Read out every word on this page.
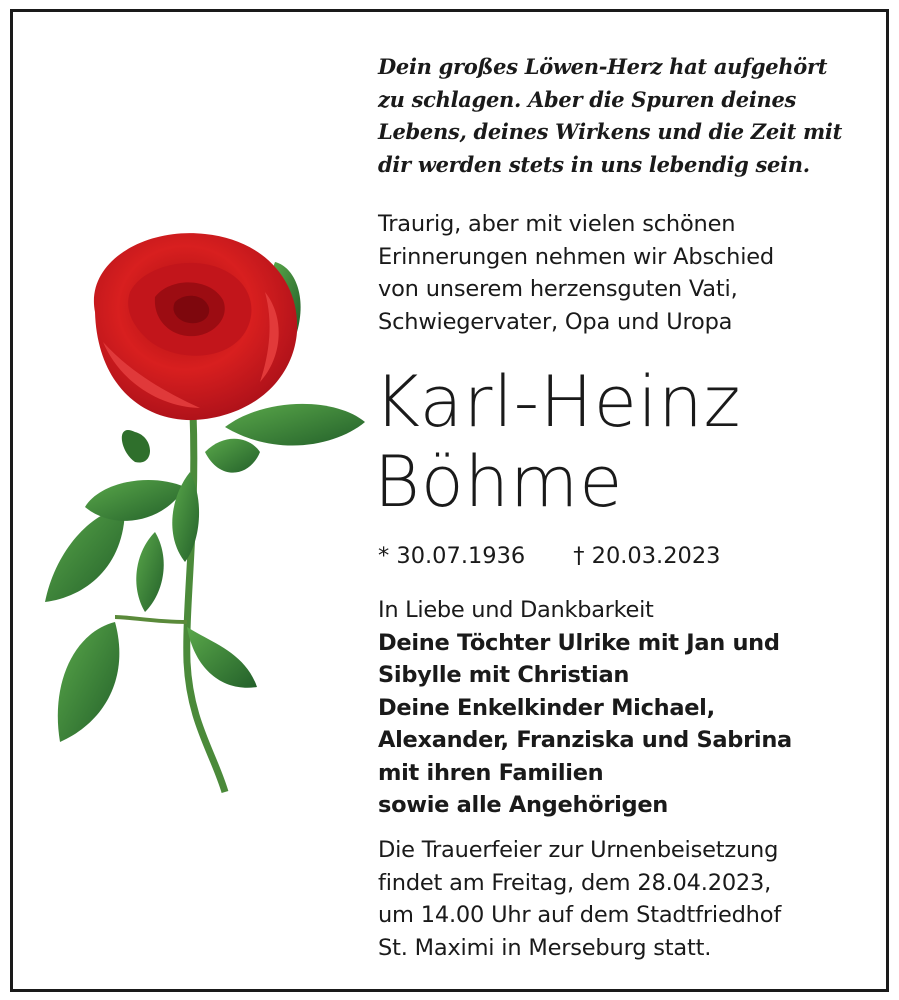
Dein großes Löwen-Herz hat aufgehört
zu schlagen. Aber die Spuren deines
Lebens, deines Wirkens und die Zeit mit
dir werden stets in uns lebendig sein.
Traurig, aber mit vielen schönen
Erinnerungen nehmen wir Abschied
von unserem herzensguten Vati,
Schwiegervater, Opa und Uropa
Karl-Heinz
Böhme
* 30.07.1936 † 20.03.2023
In Liebe und Dankbarkeit
Deine Töchter Ulrike mit Jan und
Sibylle mit Christian
Deine Enkelkinder Michael,
Alexander, Franziska und Sabrina
mit ihren Familien
sowie alle Angehörigen
Die Trauerfeier zur Urnenbeisetzung
findet am Freitag, dem 28.04.2023,
um 14.00 Uhr auf dem Stadtfriedhof
St. Maximi in Merseburg statt.
